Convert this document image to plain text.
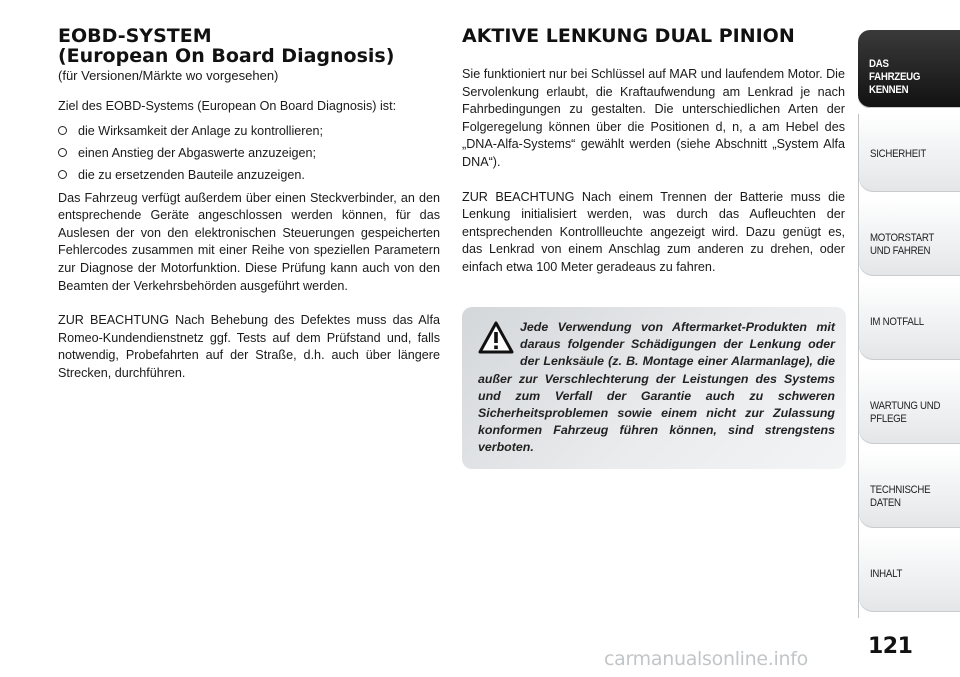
EOBD-SYSTEM
(European On Board Diagnosis)
(für Versionen/Märkte wo vorgesehen)

Ziel des EOBD-Systems (European On Board Diagnosis) ist:

die Wirksamkeit der Anlage zu kontrollieren;
einen Anstieg der Abgaswerte anzuzeigen;
die zu ersetzenden Bauteile anzuzeigen.

Das Fahrzeug verfügt außerdem über einen Steckverbinder, an den entsprechende Geräte angeschlossen werden können, für das Auslesen der von den elektronischen Steuerungen gespeicherten Fehlercodes zusammen mit einer Reihe von speziellen Parametern zur Diagnose der Motorfunktion. Diese Prüfung kann auch von den Beamten der Verkehrsbehörden ausgeführt werden.

ZUR BEACHTUNG Nach Behebung des Defektes muss das Alfa Romeo-Kundendienstnetz ggf. Tests auf dem Prüfstand und, falls notwendig, Probefahrten auf der Straße, d.h. auch über längere Strecken, durchführen.

AKTIVE LENKUNG DUAL PINION

Sie funktioniert nur bei Schlüssel auf MAR und laufendem Motor. Die Servolenkung erlaubt, die Kraftaufwendung am Lenkrad je nach Fahrbedingungen zu gestalten. Die unterschiedlichen Arten der Folgeregelung können über die Positionen d, n, a am Hebel des „DNA-Alfa-Systems“ gewählt werden (siehe Abschnitt „System Alfa DNA“).

ZUR BEACHTUNG Nach einem Trennen der Batterie muss die Lenkung initialisiert werden, was durch das Aufleuchten der entsprechenden Kontrollleuchte angezeigt wird. Dazu genügt es, das Lenkrad von einem Anschlag zum anderen zu drehen, oder einfach etwa 100 Meter geradeaus zu fahren.

Jede Verwendung von Aftermarket-Produkten mit daraus folgender Schädigungen der Lenkung oder der Lenksäule (z. B. Montage einer Alarmanlage), die außer zur Verschlechterung der Leistungen des Systems und zum Verfall der Garantie auch zu schweren Sicherheitsproblemen sowie einem nicht zur Zulassung konformen Fahrzeug führen können, sind strengstens verboten.
DAS FAHRZEUG KENNEN
SICHERHEIT
MOTORSTART UND FAHREN
IM NOTFALL
WARTUNG UND PFLEGE
TECHNISCHE DATEN
INHALT
121
carmanualsonline.info
